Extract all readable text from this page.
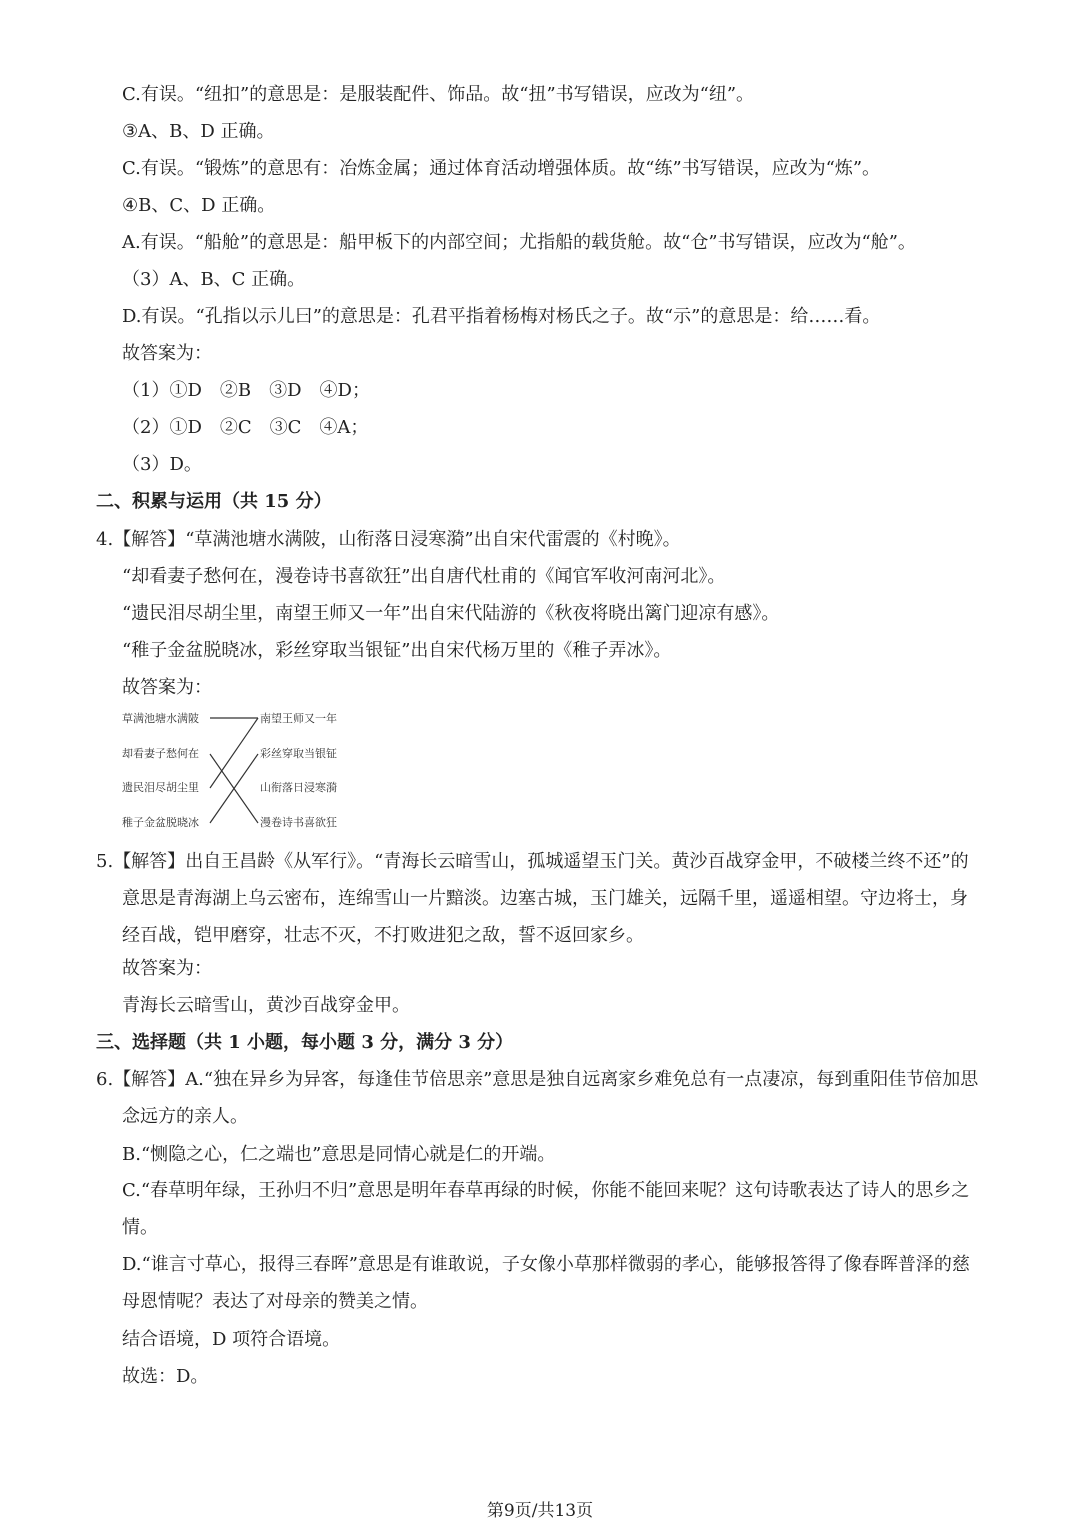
C.有误。“纽扣”的意思是：是服装配件、饰品。故“扭”书写错误，应改为“纽”。
③A、B、D 正确。
C.有误。“锻炼”的意思有：冶炼金属；通过体育活动增强体质。故“练”书写错误，应改为“炼”。
④B、C、D 正确。
A.有误。“船舱”的意思是：船甲板下的内部空间；尤指船的载货舱。故“仓”书写错误，应改为“舱”。
（3）A、B、C 正确。
D.有误。“孔指以示儿曰”的意思是：孔君平指着杨梅对杨氏之子。故“示”的意思是：给……看。
故答案为：
（1）①D　②B　③D　④D；
（2）①D　②C　③C　④A；
（3）D。
二、积累与运用（共 15 分）
4.【解答】“草满池塘水满陂，山衔落日浸寒漪”出自宋代雷震的《村晚》。
“却看妻子愁何在，漫卷诗书喜欲狂”出自唐代杜甫的《闻官军收河南河北》。
“遗民泪尽胡尘里，南望王师又一年”出自宋代陆游的《秋夜将晓出篱门迎凉有感》。
“稚子金盆脱晓冰，彩丝穿取当银钲”出自宋代杨万里的《稚子弄冰》。
故答案为：
草满池塘水满陂
却看妻子愁何在
遗民泪尽胡尘里
稚子金盆脱晓冰
南望王师又一年
彩丝穿取当银钲
山衔落日浸寒漪
漫卷诗书喜欲狂
5.【解答】出自王昌龄《从军行》。“青海长云暗雪山，孤城遥望玉门关。黄沙百战穿金甲，不破楼兰终不还”的意思是青海湖上乌云密布，连绵雪山一片黯淡。边塞古城，玉门雄关，远隔千里，遥遥相望。守边将士，身经百战，铠甲磨穿，壮志不灭，不打败进犯之敌，誓不返回家乡。
故答案为：
青海长云暗雪山，黄沙百战穿金甲。
三、选择题（共 1 小题，每小题 3 分，满分 3 分）
6.【解答】A.“独在异乡为异客，每逢佳节倍思亲”意思是独自远离家乡难免总有一点凄凉，每到重阳佳节倍加思念远方的亲人。
B.“恻隐之心，仁之端也”意思是同情心就是仁的开端。
C.“春草明年绿，王孙归不归”意思是明年春草再绿的时候，你能不能回来呢？这句诗歌表达了诗人的思乡之情。
D.“谁言寸草心，报得三春晖”意思是有谁敢说，子女像小草那样微弱的孝心，能够报答得了像春晖普泽的慈母恩情呢？表达了对母亲的赞美之情。
结合语境，D 项符合语境。
故选：D。
第9页/共13页
